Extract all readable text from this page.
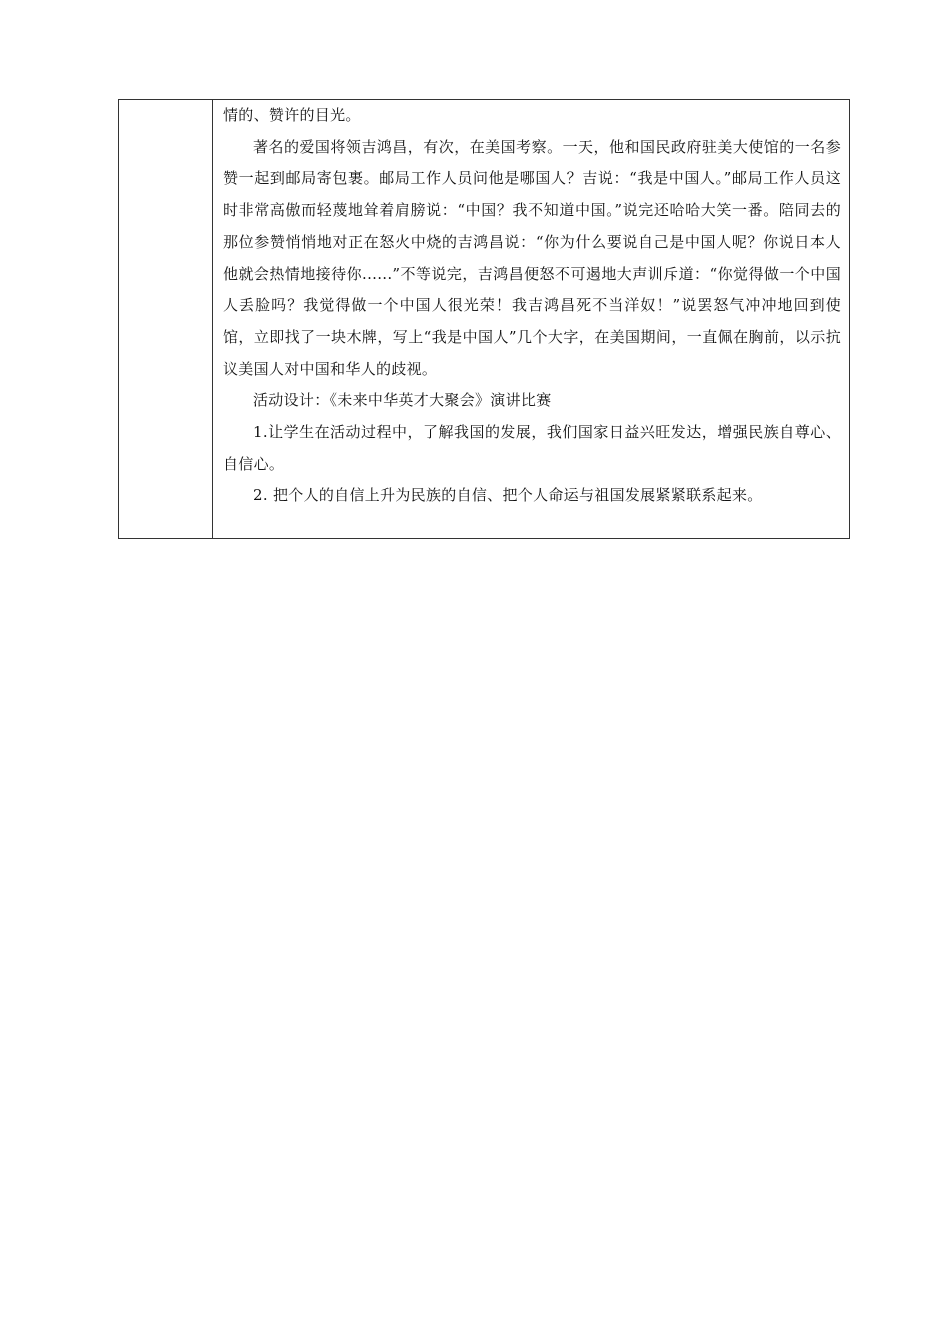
情的、赞许的目光。

著名的爱国将领吉鸿昌，有次，在美国考察。一天，他和国民政府驻美大使馆的一名参赞一起到邮局寄包裹。邮局工作人员问他是哪国人？吉说：“我是中国人。”邮局工作人员这时非常高傲而轻蔑地耸着肩膀说：“中国？我不知道中国。”说完还哈哈大笑一番。陪同去的那位参赞悄悄地对正在怒火中烧的吉鸿昌说：“你为什么要说自己是中国人呢？你说日本人他就会热情地接待你......”不等说完，吉鸿昌便怒不可遏地大声训斥道：“你觉得做一个中国人丢脸吗？我觉得做一个中国人很光荣！我吉鸿昌死不当洋奴！”说罢怒气冲冲地回到使馆，立即找了一块木牌，写上“我是中国人”几个大字，在美国期间，一直佩在胸前，以示抗议美国人对中国和华人的歧视。

活动设计：《未来中华英才大聚会》演讲比赛

1.让学生在活动过程中，了解我国的发展，我们国家日益兴旺发达，增强民族自尊心、自信心。

2. 把个人的自信上升为民族的自信、把个人命运与祖国发展紧紧联系起来。
